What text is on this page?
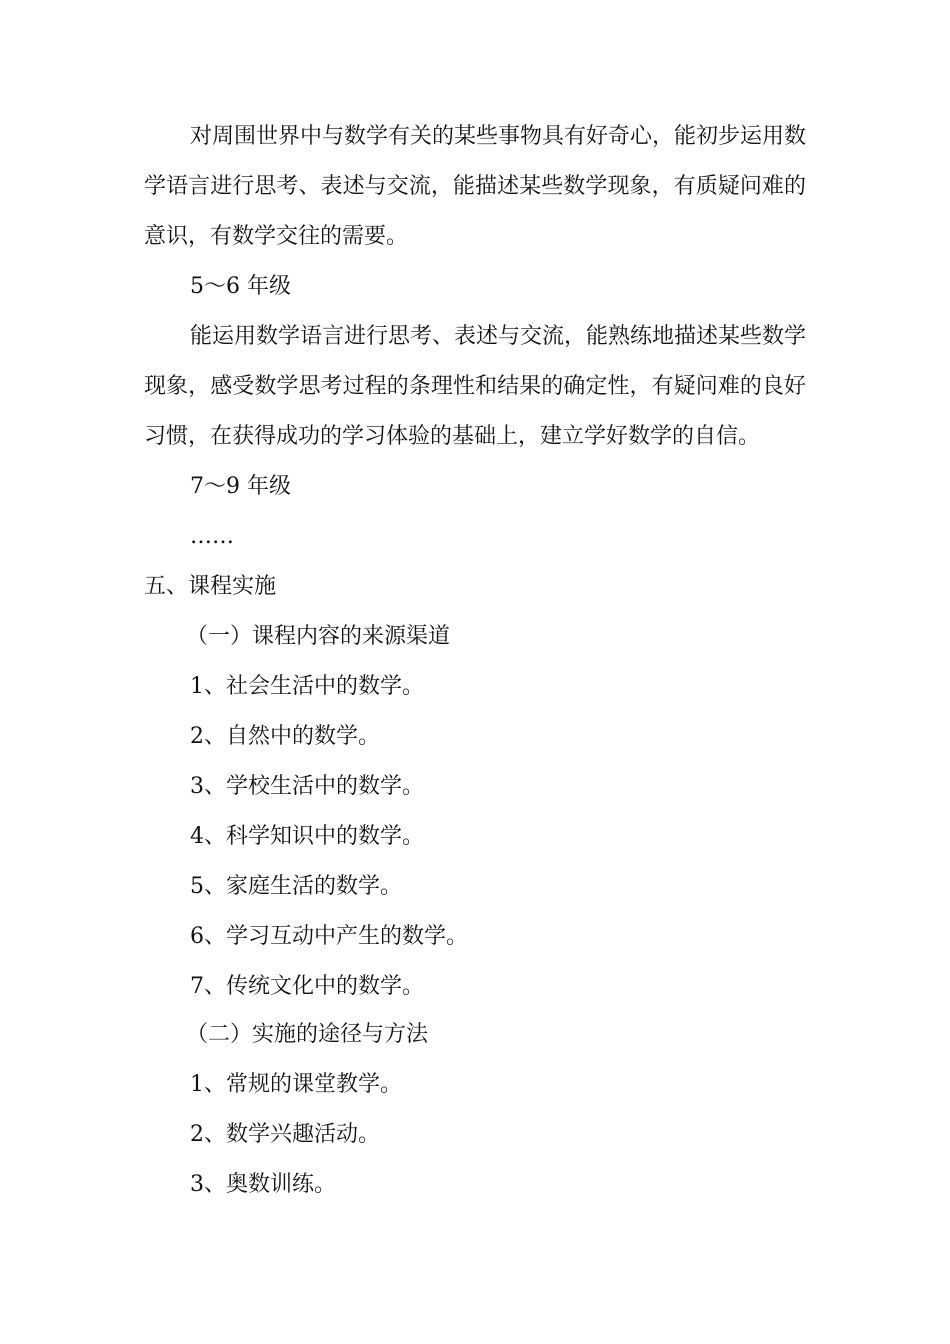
对周围世界中与数学有关的某些事物具有好奇心，能初步运用数
学语言进行思考、表述与交流，能描述某些数学现象，有质疑问难的
意识，有数学交往的需要。
5～6 年级
能运用数学语言进行思考、表述与交流，能熟练地描述某些数学
现象，感受数学思考过程的条理性和结果的确定性，有疑问难的良好
习惯，在获得成功的学习体验的基础上，建立学好数学的自信。
7～9 年级
……
五、课程实施
（一）课程内容的来源渠道
1、社会生活中的数学。
2、自然中的数学。
3、学校生活中的数学。
4、科学知识中的数学。
5、家庭生活的数学。
6、学习互动中产生的数学。
7、传统文化中的数学。
（二）实施的途径与方法
1、常规的课堂教学。
2、数学兴趣活动。
3、奥数训练。
